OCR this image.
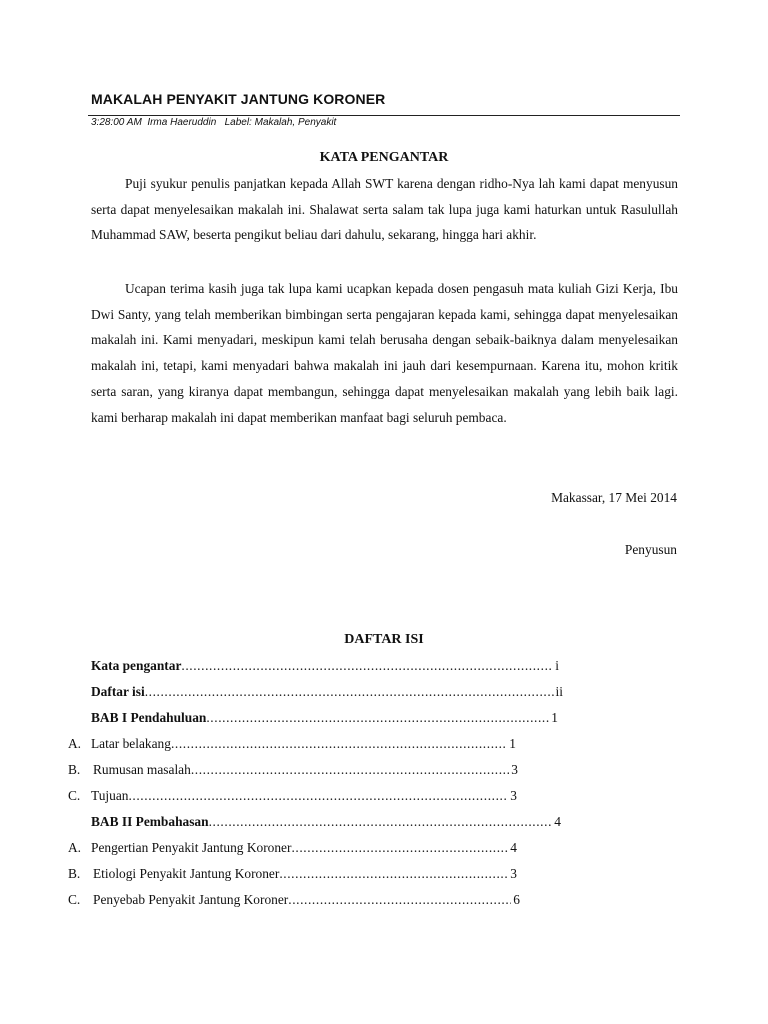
MAKALAH PENYAKIT JANTUNG KORONER
3:28:00 AM  Irma Haeruddin   Label: Makalah, Penyakit
KATA PENGANTAR

Puji syukur penulis panjatkan kepada Allah SWT karena dengan ridho-Nya lah kami dapat menyusun serta dapat menyelesaikan makalah ini. Shalawat serta salam tak lupa juga kami haturkan untuk Rasulullah Muhammad SAW, beserta pengikut beliau dari dahulu, sekarang, hingga hari akhir.

Ucapan terima kasih juga tak lupa kami ucapkan kepada dosen pengasuh mata kuliah Gizi Kerja, Ibu Dwi Santy, yang telah memberikan bimbingan serta pengajaran kepada kami, sehingga dapat menyelesaikan makalah ini. Kami menyadari, meskipun kami telah berusaha dengan sebaik-baiknya dalam menyelesaikan makalah ini, tetapi, kami menyadari bahwa makalah ini jauh dari kesempurnaan. Karena itu, mohon kritik serta saran, yang kiranya dapat membangun, sehingga dapat menyelesaikan makalah yang lebih baik lagi. kami berharap makalah ini dapat memberikan manfaat bagi seluruh pembaca.

Makassar, 17 Mei 2014
Penyusun
DAFTAR ISI
Kata pengantar .....	i
Daftar isi .....	ii
BAB I Pendahuluan .....	1
A. Latar belakang .....	1
B. Rumusan masalah .....	3
C. Tujuan .....	3
BAB II Pembahasan .....	4
A. Pengertian Penyakit Jantung Koroner .....	4
B. Etiologi Penyakit Jantung Koroner .....	3
C. Penyebab Penyakit Jantung Koroner .....	6
